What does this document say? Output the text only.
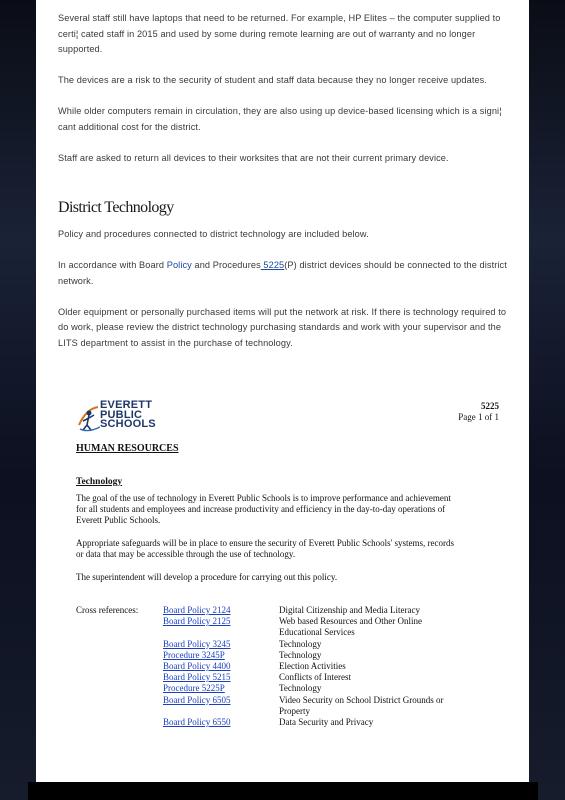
Several staff still have laptops that need to be returned. For example, HP Elites – the computer supplied to certi¦ cated staff in 2015 and used by some during remote learning are out of warranty and no longer supported.

The devices are a risk to the security of student and staff data because they no longer receive updates.

While older computers remain in circulation, they are also using up device-based licensing which is a signi¦ cant additional cost for the district.

Staff are asked to return all devices to their worksites that are not their current primary device.

District Technology

Policy and procedures connected to district technology are included below.

In accordance with Board Policy and Procedures 5225(P) district devices should be connected to the district network.

Older equipment or personally purchased items will put the network at risk. If there is technology required to do work, please review the district technology purchasing standards and work with your supervisor and the LITS department to assist in the purchase of technology.

EVERETT
PUBLIC
SCHOOLS
5225
Page 1 of 1
HUMAN RESOURCES
Technology
The goal of the use of technology in Everett Public Schools is to improve performance and achievement for all students and employees and increase productivity and efficiency in the day-to-day operations of Everett Public Schools.
Appropriate safeguards will be in place to ensure the security of Everett Public Schools' systems, records or data that may be accessible through the use of technology.
The superintendent will develop a procedure for carrying out this policy.
Cross references:	Board Policy 2124	Digital Citizenship and Media Literacy
Board Policy 2125	Web based Resources and Other Online Educational Services
Board Policy 3245	Technology
Procedure 3245P	Technology
Board Policy 4400	Election Activities
Board Policy 5215	Conflicts of Interest
Procedure 5225P	Technology
Board Policy 6505	Video Security on School District Grounds or Property
Board Policy 6550	Data Security and Privacy
